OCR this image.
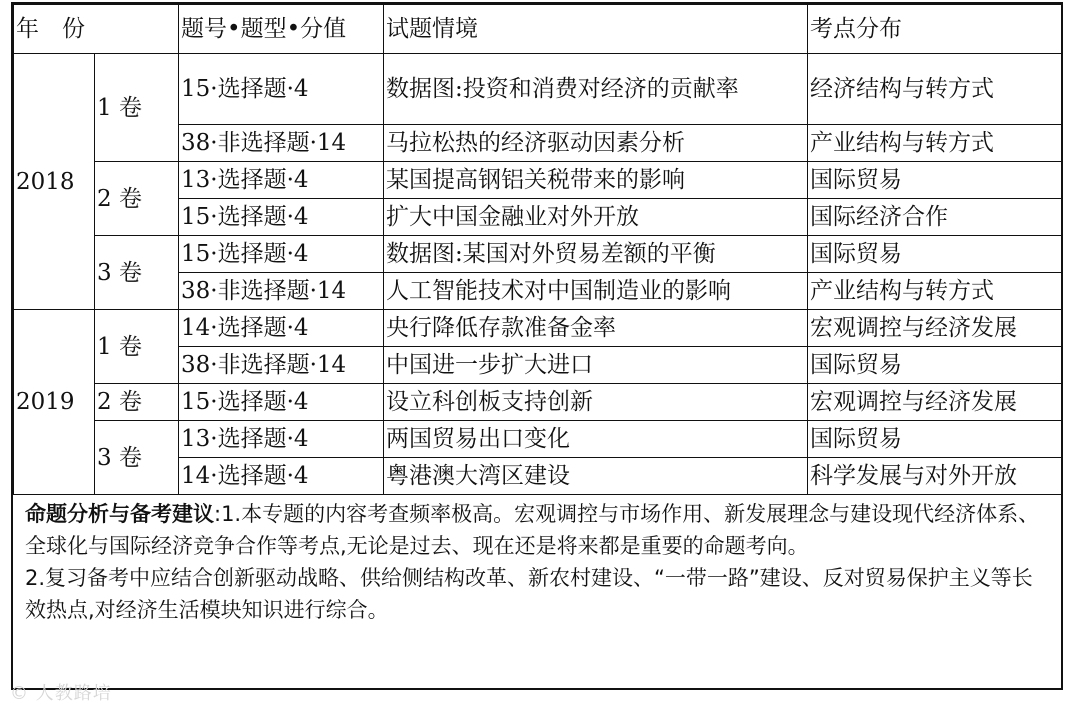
年　份		题号•题型•分值	试题情境	考点分布
2018	1 卷	15·选择题·4	数据图:投资和消费对经济的贡献率	经济结构与转方式
		38·非选择题·14	马拉松热的经济驱动因素分析	产业结构与转方式
	2 卷	13·选择题·4	某国提高钢铝关税带来的影响	国际贸易
		15·选择题·4	扩大中国金融业对外开放	国际经济合作
	3 卷	15·选择题·4	数据图:某国对外贸易差额的平衡	国际贸易
		38·非选择题·14	人工智能技术对中国制造业的影响	产业结构与转方式
2019	1 卷	14·选择题·4	央行降低存款准备金率	宏观调控与经济发展
		38·非选择题·14	中国进一步扩大进口	国际贸易
	2 卷	15·选择题·4	设立科创板支持创新	宏观调控与经济发展
	3 卷	13·选择题·4	两国贸易出口变化	国际贸易
		14·选择题·4	粤港澳大湾区建设	科学发展与对外开放

命题分析与备考建议:1.本专题的内容考查频率极高。宏观调控与市场作用、新发展理念与建设现代经济体系、全球化与国际经济竞争合作等考点,无论是过去、现在还是将来都是重要的命题考向。

2.复习备考中应结合创新驱动战略、供给侧结构改革、新农村建设、“一带一路”建设、反对贸易保护主义等长效热点,对经济生活模块知识进行综合。

© 人教路培
